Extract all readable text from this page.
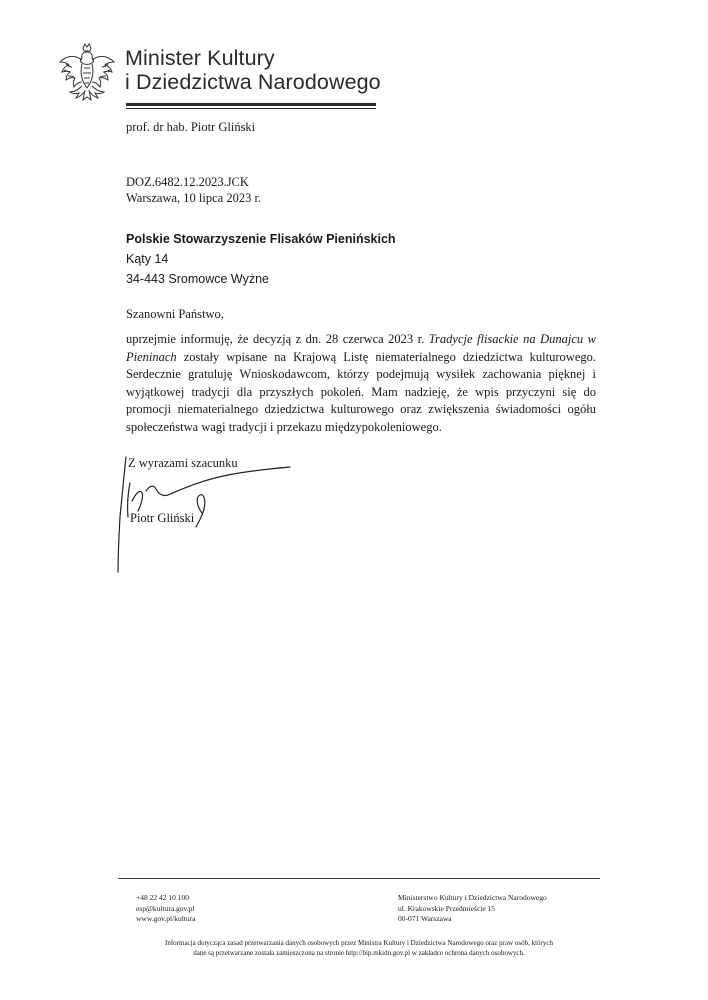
Minister Kultury
i Dziedzictwa Narodowego
prof. dr hab. Piotr Gliński
DOZ.6482.12.2023.JCK
Warszawa, 10 lipca 2023 r.
Polskie Stowarzyszenie Flisaków Pienińskich
Kąty 14
34-443 Sromowce Wyżne
Szanowni Państwo,
uprzejmie informuję, że decyzją z dn. 28 czerwca 2023 r. Tradycje flisackie na Dunajcu w Pieninach zostały wpisane na Krajową Listę niematerialnego dziedzictwa kulturowego. Serdecznie gratuluję Wnioskodawcom, którzy podejmują wysiłek zachowania pięknej i wyjątkowej tradycji dla przyszłych pokoleń. Mam nadzieję, że wpis przyczyni się do promocji niematerialnego dziedzictwa kulturowego oraz zwiększenia świadomości ogółu społeczeństwa wagi tradycji i przekazu międzypokoleniowego.
Z wyrazami szacunku
Piotr Gliński
+48 22 42 10 100
esp@kultura.gov.pl
www.gov.pl/kultura
Ministerstwo Kultury i Dziedzictwa Narodowego
ul. Krakowskie Przedmieście 15
00-071 Warszawa
Informacja dotycząca zasad przetwarzania danych osobowych przez Ministra Kultury i Dziedzictwa Narodowego oraz praw osób, których
dane są przetwarzane została zamieszczona na stronie http://bip.mkidn.gov.pl w zakładce ochrona danych osobowych.
